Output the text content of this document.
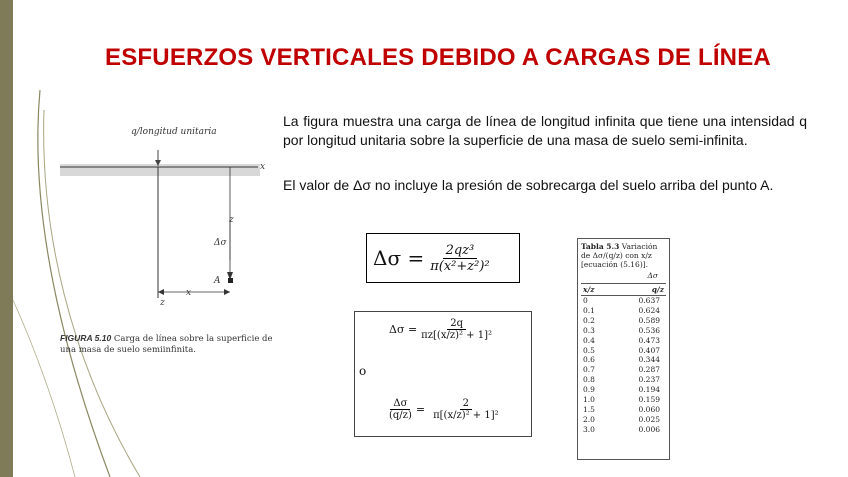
ESFUERZOS VERTICALES DEBIDO A CARGAS DE LÍNEA

La figura muestra una carga de línea de longitud infinita que tiene una intensidad q por longitud unitaria sobre la superficie de una masa de suelo semi-infinita.

El valor de Δσ no incluye la presión de sobrecarga del suelo arriba del punto A.

q/longitud unitaria
x
z
Δσ
A
x
z
FIGURA 5.10 Carga de línea sobre la superficie de una masa de suelo semiinfinita.
$\Delta\sigma = \frac{\text{2qz³}}{\text{π(x²+z²)²}}$
$\Delta\sigma = \frac{2q}{\text{πz[(x/z)² + 1]²}}$
o
$\frac{\Delta\sigma}{(q/z)} = \frac{2}{\text{π[(x/z)² + 1]²}}$
Tabla 5.3 Variación de Δσ/(q/z) con x/z [ecuación (5.16)].
Δσ
x/z	q/z
0	0.637
0.1	0.624
0.2	0.589
0.3	0.536
0.4	0.473
0.5	0.407
0.6	0.344
0.7	0.287
0.8	0.237
0.9	0.194
1.0	0.159
1.5	0.060
2.0	0.025
3.0	0.006
